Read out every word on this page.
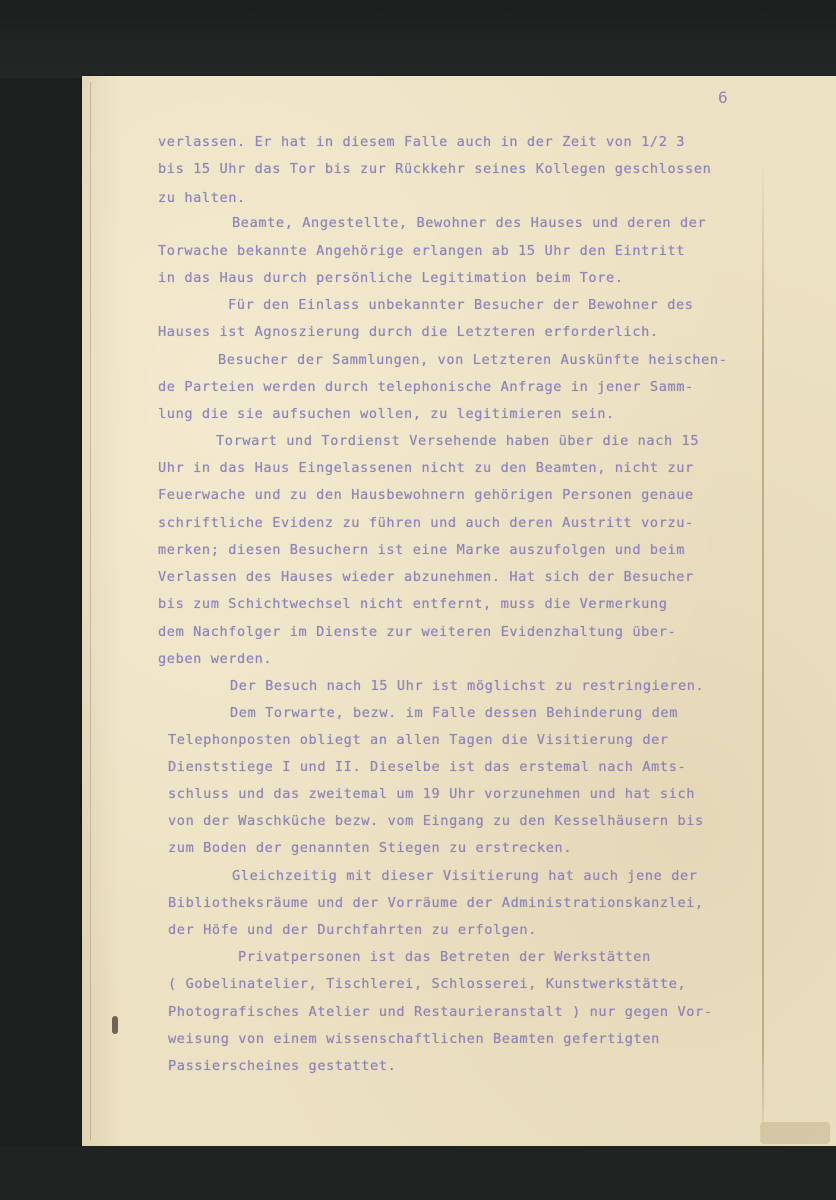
6
verlassen. Er hat in diesem Falle auch in der Zeit von 1/2 3
bis 15 Uhr das Tor bis zur Rückkehr seines Kollegen geschlossen
zu halten.
Beamte, Angestellte, Bewohner des Hauses und deren der
Torwache bekannte Angehörige erlangen ab 15 Uhr den Eintritt
in das Haus durch persönliche Legitimation beim Tore.
Für den Einlass unbekannter Besucher der Bewohner des
Hauses ist Agnoszierung durch die Letzteren erforderlich.
Besucher der Sammlungen, von Letzteren Auskünfte heischen-
de Parteien werden durch telephonische Anfrage in jener Samm-
lung die sie aufsuchen wollen, zu legitimieren sein.
Torwart und Tordienst Versehende haben über die nach 15
Uhr in das Haus Eingelassenen nicht zu den Beamten, nicht zur
Feuerwache und zu den Hausbewohnern gehörigen Personen genaue
schriftliche Evidenz zu führen und auch deren Austritt vorzu-
merken; diesen Besuchern ist eine Marke auszufolgen und beim
Verlassen des Hauses wieder abzunehmen. Hat sich der Besucher
bis zum Schichtwechsel nicht entfernt, muss die Vermerkung
dem Nachfolger im Dienste zur weiteren Evidenzhaltung über-
geben werden.
Der Besuch nach 15 Uhr ist möglichst zu restringieren.
Dem Torwarte, bezw. im Falle dessen Behinderung dem
Telephonposten obliegt an allen Tagen die Visitierung der
Dienststiege I und II. Dieselbe ist das erstemal nach Amts-
schluss und das zweitemal um 19 Uhr vorzunehmen und hat sich
von der Waschküche bezw. vom Eingang zu den Kesselhäusern bis
zum Boden der genannten Stiegen zu erstrecken.
Gleichzeitig mit dieser Visitierung hat auch jene der
Bibliotheksräume und der Vorräume der Administrationskanzlei,
der Höfe und der Durchfahrten zu erfolgen.
Privatpersonen ist das Betreten der Werkstätten
( Gobelinatelier, Tischlerei, Schlosserei, Kunstwerkstätte,
Photografisches Atelier und Restaurieranstalt ) nur gegen Vor-
weisung von einem wissenschaftlichen Beamten gefertigten
Passierscheines gestattet.
